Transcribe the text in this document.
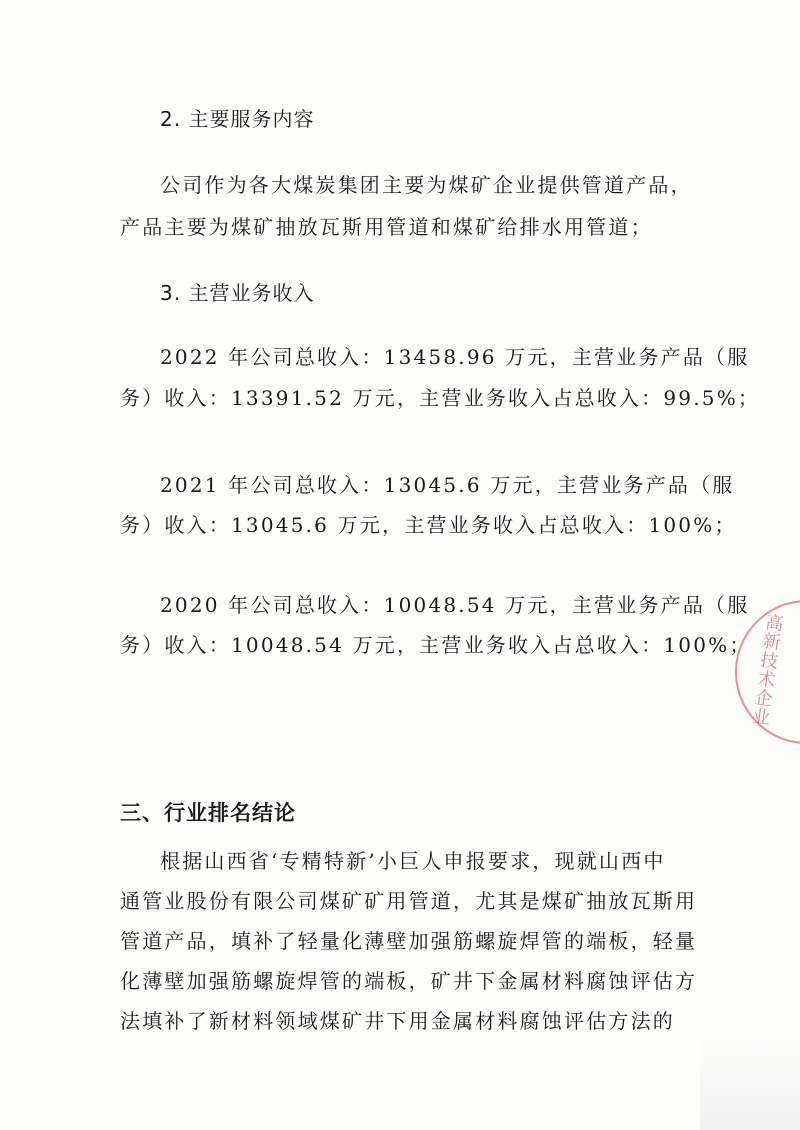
2. 主要服务内容
公司作为各大煤炭集团主要为煤矿企业提供管道产品，
产品主要为煤矿抽放瓦斯用管道和煤矿给排水用管道；
3. 主营业务收入
2022 年公司总收入：13458.96 万元，主营业务产品（服
务）收入：13391.52 万元，主营业务收入占总收入：99.5%；
2021 年公司总收入：13045.6 万元，主营业务产品（服
务）收入：13045.6 万元，主营业务收入占总收入：100%；
2020 年公司总收入：10048.54 万元，主营业务产品（服
务）收入：10048.54 万元，主营业务收入占总收入：100%；
三、行业排名结论
根据山西省‘专精特新’小巨人申报要求，现就山西中
通管业股份有限公司煤矿矿用管道，尤其是煤矿抽放瓦斯用
管道产品，填补了轻量化薄壁加强筋螺旋焊管的端板，轻量
化薄壁加强筋螺旋焊管的端板，矿井下金属材料腐蚀评估方
法填补了新材料领域煤矿井下用金属材料腐蚀评估方法的
高新技术企业
